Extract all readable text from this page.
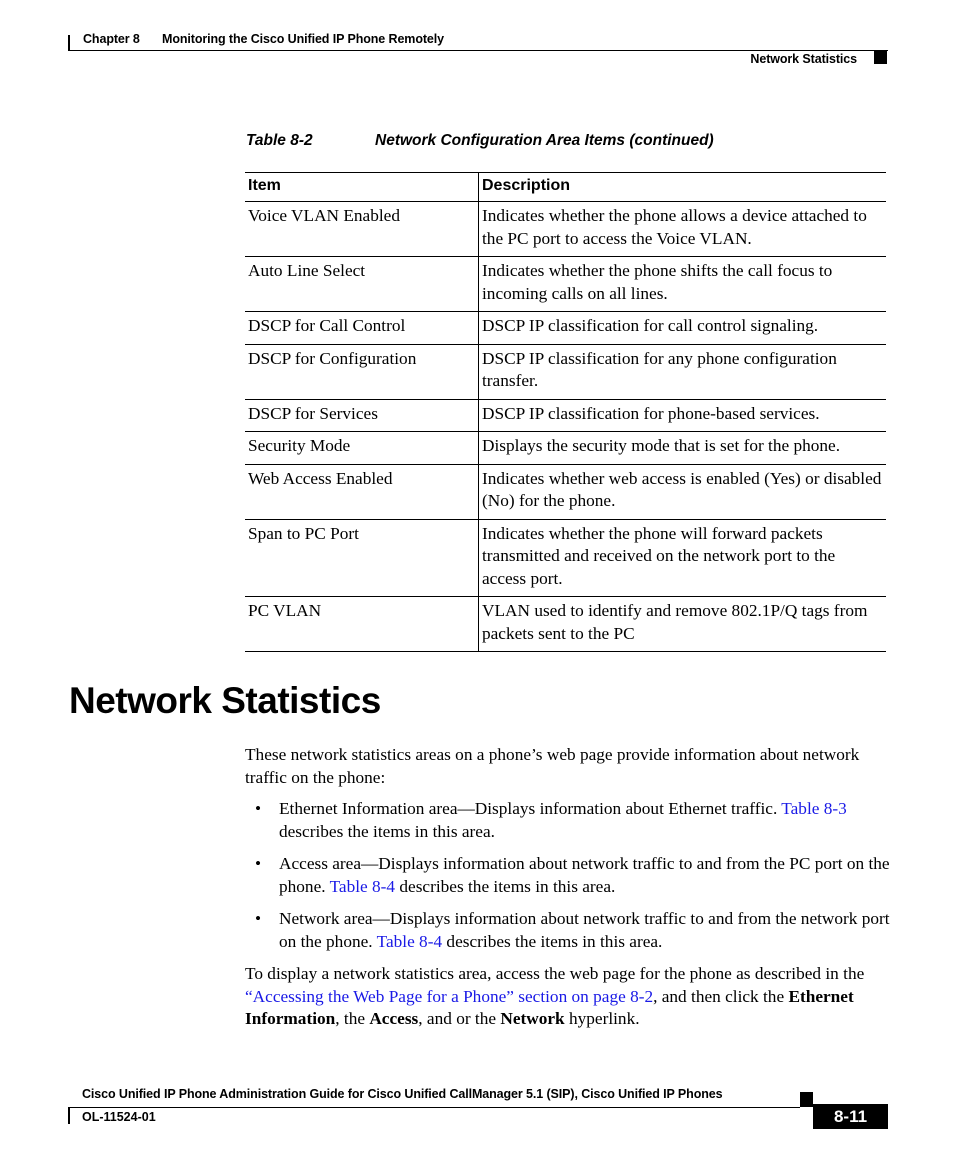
Chapter 8 Monitoring the Cisco Unified IP Phone Remotely
Network Statistics
Table 8-2	Network Configuration Area Items (continued)
Item	Description
Voice VLAN Enabled	Indicates whether the phone allows a device attached to the PC port to access the Voice VLAN.
Auto Line Select	Indicates whether the phone shifts the call focus to incoming calls on all lines.
DSCP for Call Control	DSCP IP classification for call control signaling.
DSCP for Configuration	DSCP IP classification for any phone configuration transfer.
DSCP for Services	DSCP IP classification for phone-based services.
Security Mode	Displays the security mode that is set for the phone.
Web Access Enabled	Indicates whether web access is enabled (Yes) or disabled (No) for the phone.
Span to PC Port	Indicates whether the phone will forward packets transmitted and received on the network port to the access port.
PC VLAN	VLAN used to identify and remove 802.1P/Q tags from packets sent to the PC
Network Statistics
These network statistics areas on a phone’s web page provide information about network traffic on the phone:
• Ethernet Information area—Displays information about Ethernet traffic. Table 8-3 describes the items in this area.
• Access area—Displays information about network traffic to and from the PC port on the phone. Table 8-4 describes the items in this area.
• Network area—Displays information about network traffic to and from the network port on the phone. Table 8-4 describes the items in this area.
To display a network statistics area, access the web page for the phone as described in the “Accessing the Web Page for a Phone” section on page 8-2, and then click the Ethernet Information, the Access, and or the Network hyperlink.
Cisco Unified IP Phone Administration Guide for Cisco Unified CallManager 5.1 (SIP), Cisco Unified IP Phones
OL-11524-01	8-11
